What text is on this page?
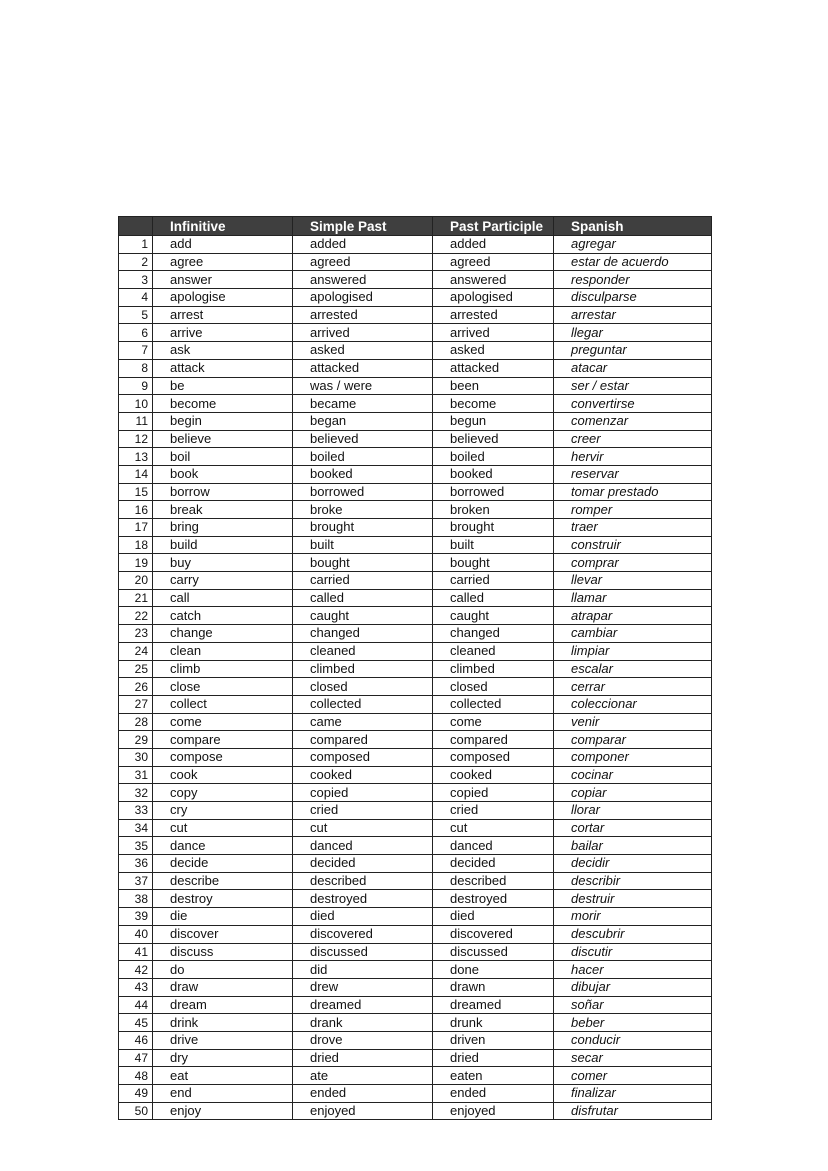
	Infinitive	Simple Past	Past Participle	Spanish
1	add	added	added	agregar
2	agree	agreed	agreed	estar de acuerdo
3	answer	answered	answered	responder
4	apologise	apologised	apologised	disculparse
5	arrest	arrested	arrested	arrestar
6	arrive	arrived	arrived	llegar
7	ask	asked	asked	preguntar
8	attack	attacked	attacked	atacar
9	be	was / were	been	ser / estar
10	become	became	become	convertirse
11	begin	began	begun	comenzar
12	believe	believed	believed	creer
13	boil	boiled	boiled	hervir
14	book	booked	booked	reservar
15	borrow	borrowed	borrowed	tomar prestado
16	break	broke	broken	romper
17	bring	brought	brought	traer
18	build	built	built	construir
19	buy	bought	bought	comprar
20	carry	carried	carried	llevar
21	call	called	called	llamar
22	catch	caught	caught	atrapar
23	change	changed	changed	cambiar
24	clean	cleaned	cleaned	limpiar
25	climb	climbed	climbed	escalar
26	close	closed	closed	cerrar
27	collect	collected	collected	coleccionar
28	come	came	come	venir
29	compare	compared	compared	comparar
30	compose	composed	composed	componer
31	cook	cooked	cooked	cocinar
32	copy	copied	copied	copiar
33	cry	cried	cried	llorar
34	cut	cut	cut	cortar
35	dance	danced	danced	bailar
36	decide	decided	decided	decidir
37	describe	described	described	describir
38	destroy	destroyed	destroyed	destruir
39	die	died	died	morir
40	discover	discovered	discovered	descubrir
41	discuss	discussed	discussed	discutir
42	do	did	done	hacer
43	draw	drew	drawn	dibujar
44	dream	dreamed	dreamed	soñar
45	drink	drank	drunk	beber
46	drive	drove	driven	conducir
47	dry	dried	dried	secar
48	eat	ate	eaten	comer
49	end	ended	ended	finalizar
50	enjoy	enjoyed	enjoyed	disfrutar
